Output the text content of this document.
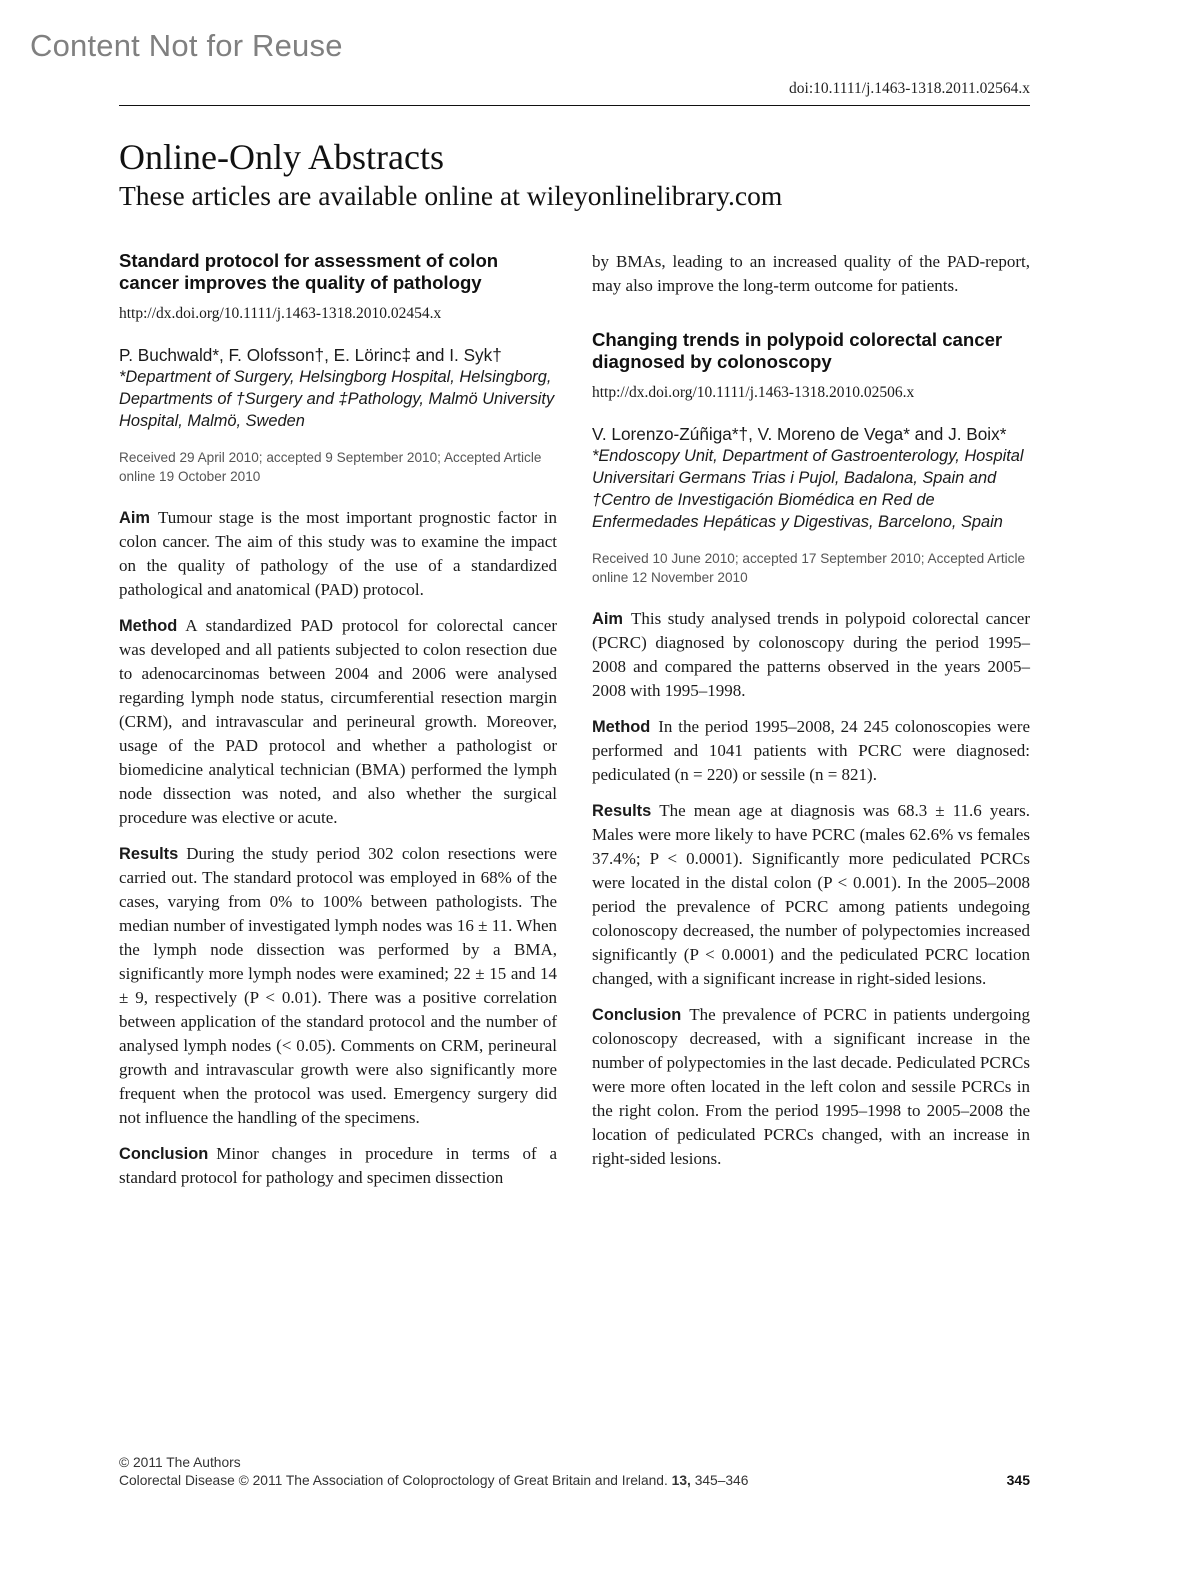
Content Not for Reuse
doi:10.1111/j.1463-1318.2011.02564.x
Online-Only Abstracts
These articles are available online at wileyonlinelibrary.com
Standard protocol for assessment of colon cancer improves the quality of pathology
http://dx.doi.org/10.1111/j.1463-1318.2010.02454.x
P. Buchwald*, F. Olofsson†, E. Lörinc‡ and I. Syk†
*Department of Surgery, Helsingborg Hospital, Helsingborg, Departments of †Surgery and ‡Pathology, Malmö University Hospital, Malmö, Sweden
Received 29 April 2010; accepted 9 September 2010; Accepted Article online 19 October 2010

Aim Tumour stage is the most important prognostic factor in colon cancer. The aim of this study was to examine the impact on the quality of pathology of the use of a standardized pathological and anatomical (PAD) protocol.

Method A standardized PAD protocol for colorectal cancer was developed and all patients subjected to colon resection due to adenocarcinomas between 2004 and 2006 were analysed regarding lymph node status, circumferential resection margin (CRM), and intravascular and perineural growth. Moreover, usage of the PAD protocol and whether a pathologist or biomedicine analytical technician (BMA) performed the lymph node dissection was noted, and also whether the surgical procedure was elective or acute.

Results During the study period 302 colon resections were carried out. The standard protocol was employed in 68% of the cases, varying from 0% to 100% between pathologists. The median number of investigated lymph nodes was 16 ± 11. When the lymph node dissection was performed by a BMA, significantly more lymph nodes were examined; 22 ± 15 and 14 ± 9, respectively (P < 0.01). There was a positive correlation between application of the standard protocol and the number of analysed lymph nodes (< 0.05). Comments on CRM, perineural growth and intravascular growth were also significantly more frequent when the protocol was used. Emergency surgery did not influence the handling of the specimens.

Conclusion Minor changes in procedure in terms of a standard protocol for pathology and specimen dissection

by BMAs, leading to an increased quality of the PAD-report, may also improve the long-term outcome for patients.

Changing trends in polypoid colorectal cancer diagnosed by colonoscopy
http://dx.doi.org/10.1111/j.1463-1318.2010.02506.x
V. Lorenzo-Zúñiga*†, V. Moreno de Vega* and J. Boix*
*Endoscopy Unit, Department of Gastroenterology, Hospital Universitari Germans Trias i Pujol, Badalona, Spain and †Centro de Investigación Biomédica en Red de Enfermedades Hepáticas y Digestivas, Barcelono, Spain
Received 10 June 2010; accepted 17 September 2010; Accepted Article online 12 November 2010

Aim This study analysed trends in polypoid colorectal cancer (PCRC) diagnosed by colonoscopy during the period 1995–2008 and compared the patterns observed in the years 2005–2008 with 1995–1998.

Method In the period 1995–2008, 24 245 colonoscopies were performed and 1041 patients with PCRC were diagnosed: pediculated (n = 220) or sessile (n = 821).

Results The mean age at diagnosis was 68.3 ± 11.6 years. Males were more likely to have PCRC (males 62.6% vs females 37.4%; P < 0.0001). Significantly more pediculated PCRCs were located in the distal colon (P < 0.001). In the 2005–2008 period the prevalence of PCRC among patients undegoing colonoscopy decreased, the number of polypectomies increased significantly (P < 0.0001) and the pediculated PCRC location changed, with a significant increase in right-sided lesions.

Conclusion The prevalence of PCRC in patients undergoing colonoscopy decreased, with a significant increase in the number of polypectomies in the last decade. Pediculated PCRCs were more often located in the left colon and sessile PCRCs in the right colon. From the period 1995–1998 to 2005–2008 the location of pediculated PCRCs changed, with an increase in right-sided lesions.

© 2011 The Authors
Colorectal Disease © 2011 The Association of Coloproctology of Great Britain and Ireland. 13, 345–346	345
